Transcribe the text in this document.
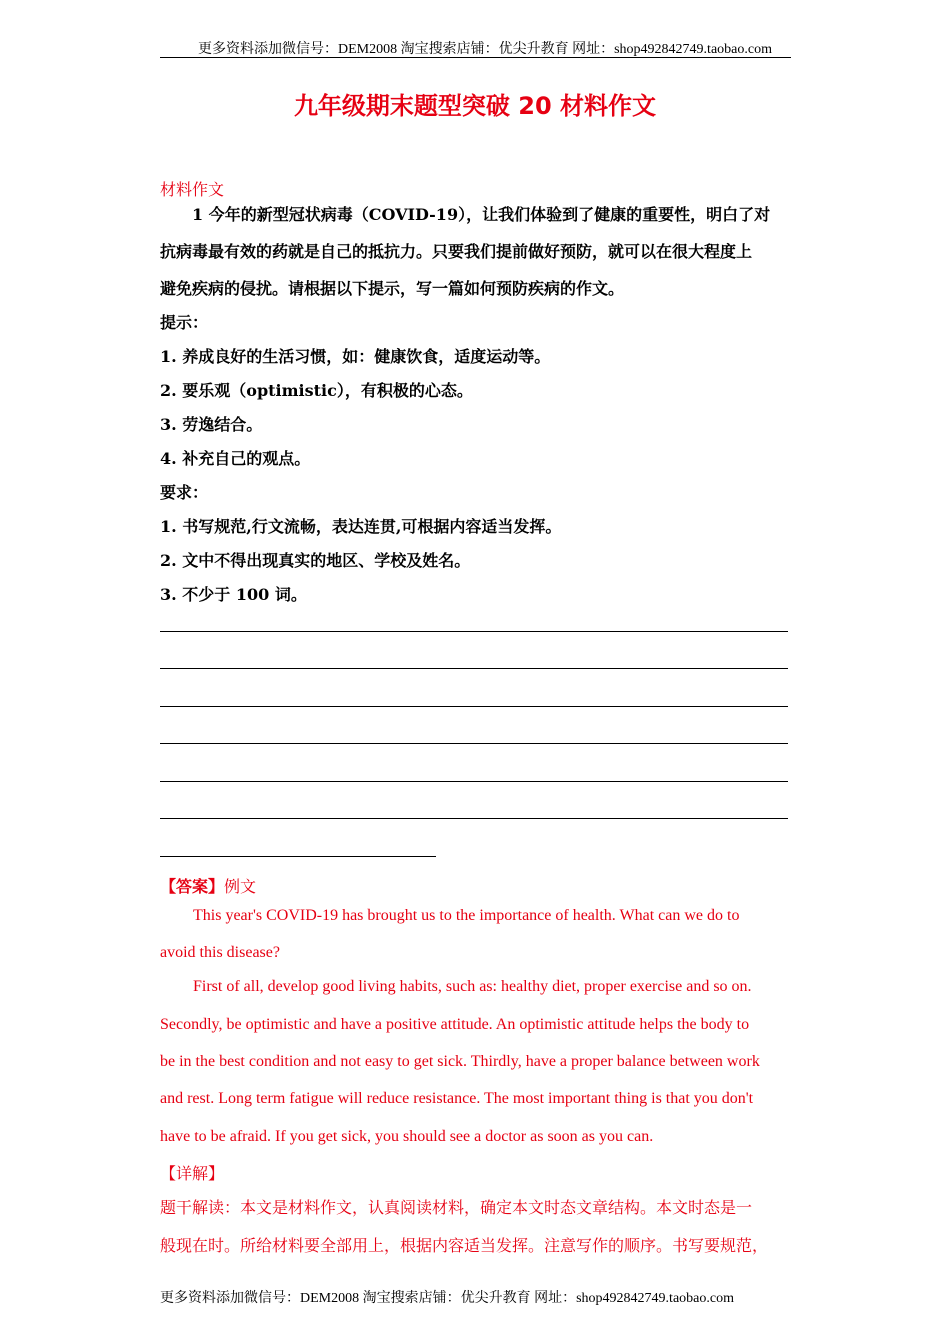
更多资料添加微信号：DEM2008 淘宝搜索店铺：优尖升教育 网址：shop492842749.taobao.com
九年级期末题型突破 20 材料作文
材料作文
1 今年的新型冠状病毒（COVID-19），让我们体验到了健康的重要性，明白了对
抗病毒最有效的药就是自己的抵抗力。只要我们提前做好预防，就可以在很大程度上
避免疾病的侵扰。请根据以下提示，写一篇如何预防疾病的作文。
提示：
1. 养成良好的生活习惯，如：健康饮食，适度运动等。
2. 要乐观（optimistic），有积极的心态。
3. 劳逸结合。
4. 补充自己的观点。
要求：
1. 书写规范,行文流畅，表达连贯,可根据内容适当发挥。
2. 文中不得出现真实的地区、学校及姓名。
3. 不少于 100 词。
【答案】例文
This year's COVID-19 has brought us to the importance of health. What can we do to
avoid this disease?
First of all, develop good living habits, such as: healthy diet, proper exercise and so on.
Secondly, be optimistic and have a positive attitude. An optimistic attitude helps the body to
be in the best condition and not easy to get sick. Thirdly, have a proper balance between work
and rest. Long term fatigue will reduce resistance. The most important thing is that you don't
have to be afraid. If you get sick, you should see a doctor as soon as you can.
【详解】
题干解读：本文是材料作文，认真阅读材料，确定本文时态文章结构。本文时态是一
般现在时。所给材料要全部用上，根据内容适当发挥。注意写作的顺序。书写要规范，
更多资料添加微信号：DEM2008 淘宝搜索店铺：优尖升教育 网址：shop492842749.taobao.com
